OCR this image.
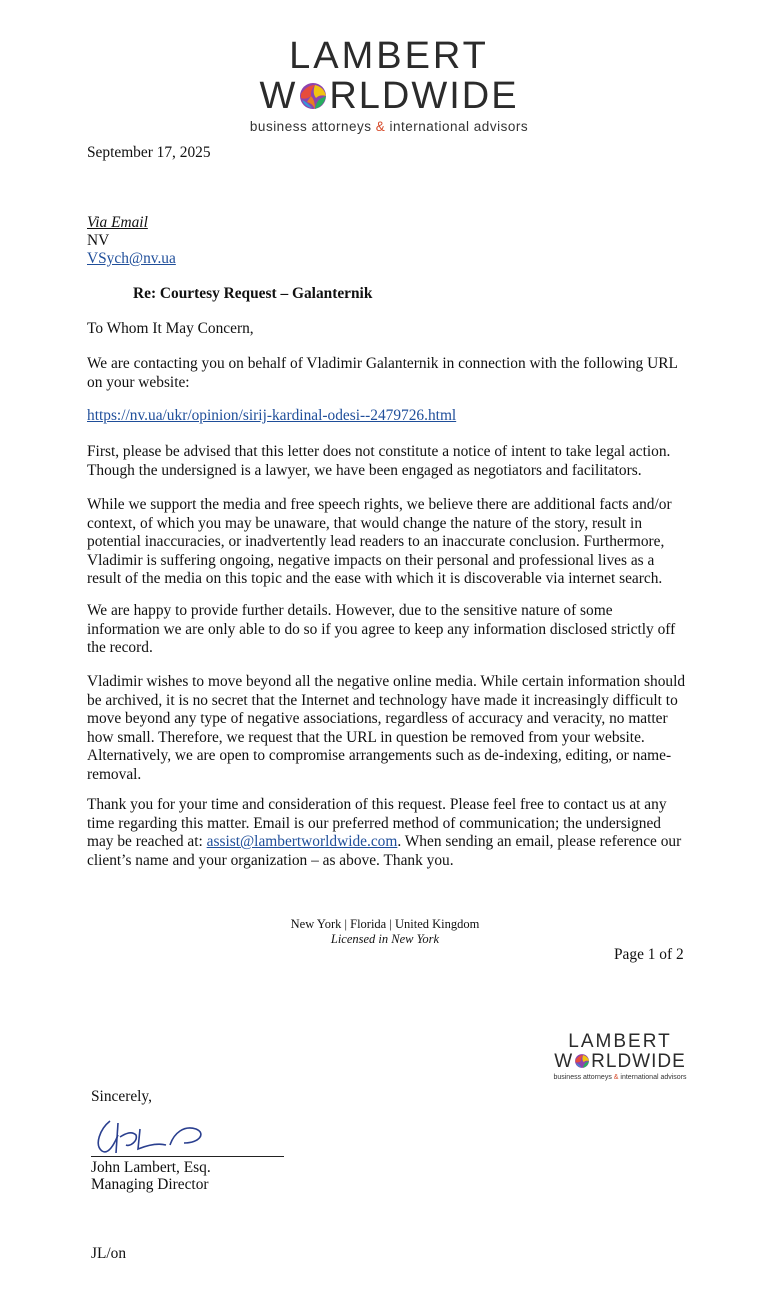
LAMBERT
W RLDWIDE
business attorneys & international advisors
September 17, 2025
Via Email
NV
VSych@nv.ua
Re: Courtesy Request – Galanternik
To Whom It May Concern,
We are contacting you on behalf of Vladimir Galanternik in connection with the following URL
on your website:
https://nv.ua/ukr/opinion/sirij-kardinal-odesi--2479726.html
First, please be advised that this letter does not constitute a notice of intent to take legal action.
Though the undersigned is a lawyer, we have been engaged as negotiators and facilitators.
While we support the media and free speech rights, we believe there are additional facts and/or
context, of which you may be unaware, that would change the nature of the story, result in
potential inaccuracies, or inadvertently lead readers to an inaccurate conclusion. Furthermore,
Vladimir is suffering ongoing, negative impacts on their personal and professional lives as a
result of the media on this topic and the ease with which it is discoverable via internet search.
We are happy to provide further details. However, due to the sensitive nature of some
information we are only able to do so if you agree to keep any information disclosed strictly off
the record.
Vladimir wishes to move beyond all the negative online media. While certain information should
be archived, it is no secret that the Internet and technology have made it increasingly difficult to
move beyond any type of negative associations, regardless of accuracy and veracity, no matter
how small. Therefore, we request that the URL in question be removed from your website.
Alternatively, we are open to compromise arrangements such as de-indexing, editing, or name-
removal.
Thank you for your time and consideration of this request. Please feel free to contact us at any
time regarding this matter. Email is our preferred method of communication; the undersigned
may be reached at: assist@lambertworldwide.com. When sending an email, please reference our
client’s name and your organization – as above. Thank you.
New York | Florida | United Kingdom
Licensed in New York
Page 1 of 2
LAMBERT
W RLDWIDE
business attorneys & international advisors
Sincerely,
John Lambert, Esq.
Managing Director
JL/on
